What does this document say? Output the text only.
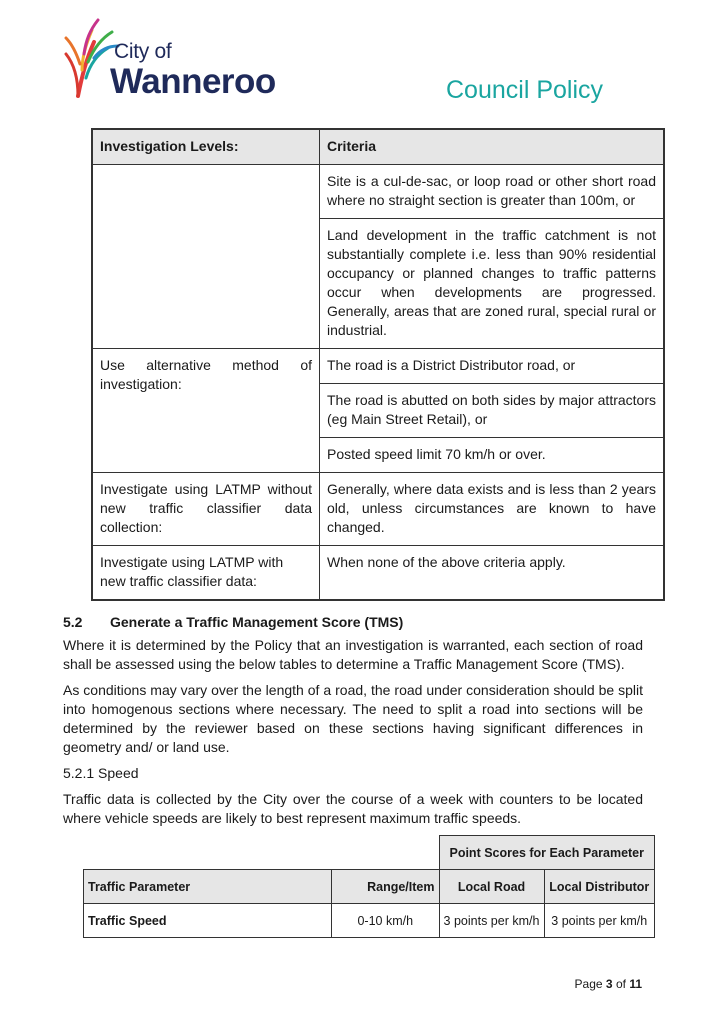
City of
Wanneroo	Council Policy
Investigation Levels:	Criteria
	Site is a cul-de-sac, or loop road or other short road where no straight section is greater than 100m, or
	Land development in the traffic catchment is not substantially complete i.e. less than 90% residential occupancy or planned changes to traffic patterns occur when developments are progressed. Generally, areas that are zoned rural, special rural or industrial.
Use alternative method of investigation:	The road is a District Distributor road, or
	The road is abutted on both sides by major attractors (eg Main Street Retail), or
	Posted speed limit 70 km/h or over.
Investigate using LATMP without new traffic classifier data collection:	Generally, where data exists and is less than 2 years old, unless circumstances are known to have changed.
Investigate using LATMP with new traffic classifier data:	When none of the above criteria apply.
5.2 Generate a Traffic Management Score (TMS)
Where it is determined by the Policy that an investigation is warranted, each section of road shall be assessed using the below tables to determine a Traffic Management Score (TMS).
As conditions may vary over the length of a road, the road under consideration should be split into homogenous sections where necessary. The need to split a road into sections will be determined by the reviewer based on these sections having significant differences in geometry and/ or land use.
5.2.1 Speed
Traffic data is collected by the City over the course of a week with counters to be located where vehicle speeds are likely to best represent maximum traffic speeds.
		Point Scores for Each Parameter	
Traffic Parameter	Range/Item	Local Road	Local Distributor
Traffic Speed	0-10 km/h	3 points per km/h	3 points per km/h
Page 3 of 11
